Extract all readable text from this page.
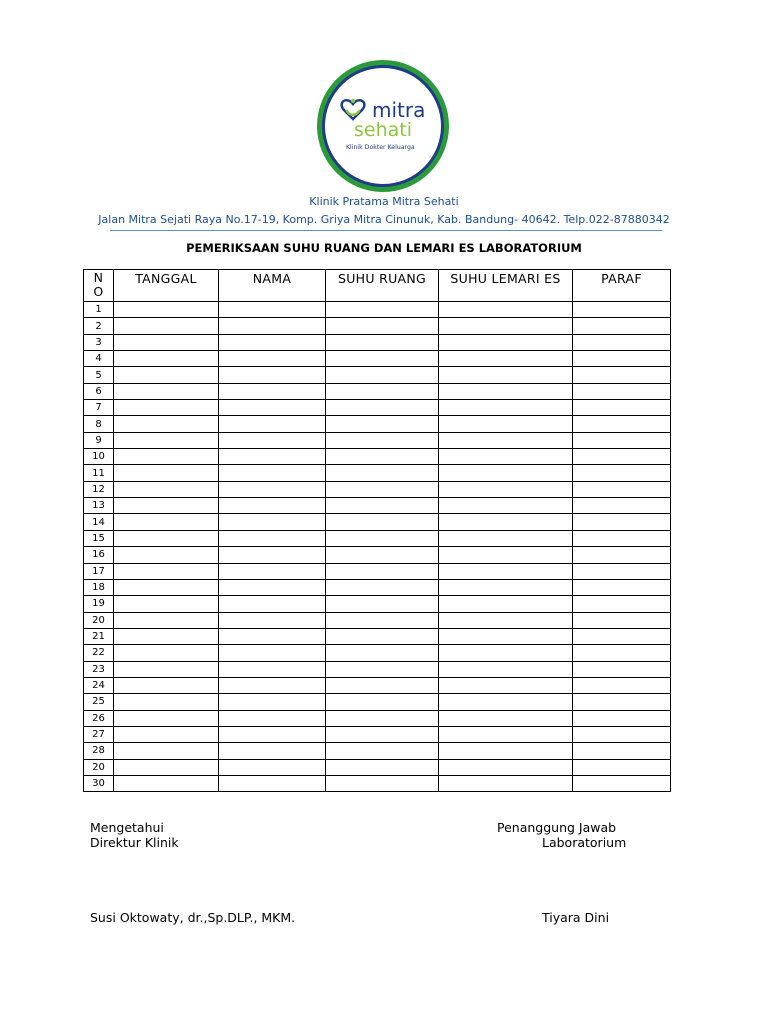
mitra
sehati
Klinik Dokter Keluarga
Klinik Pratama Mitra Sehati
Jalan Mitra Sejati Raya No.17-19, Komp. Griya Mitra Cinunuk, Kab. Bandung- 40642. Telp.022-87880342
PEMERIKSAAN SUHU RUANG DAN LEMARI ES LABORATORIUM
N
O	TANGGAL	NAMA	SUHU RUANG	SUHU LEMARI ES	PARAF
1					
2					
3					
4					
5					
6					
7					
8					
9					
10					
11					
12					
13					
14					
15					
16					
17					
18					
19					
20					
21					
22					
23					
24					
25					
26					
27					
28					
20					
30					
Mengetahui
Direktur Klinik
Susi Oktowaty, dr.,Sp.DLP., MKM.
Penanggung Jawab
Laboratorium
Tiyara Dini
